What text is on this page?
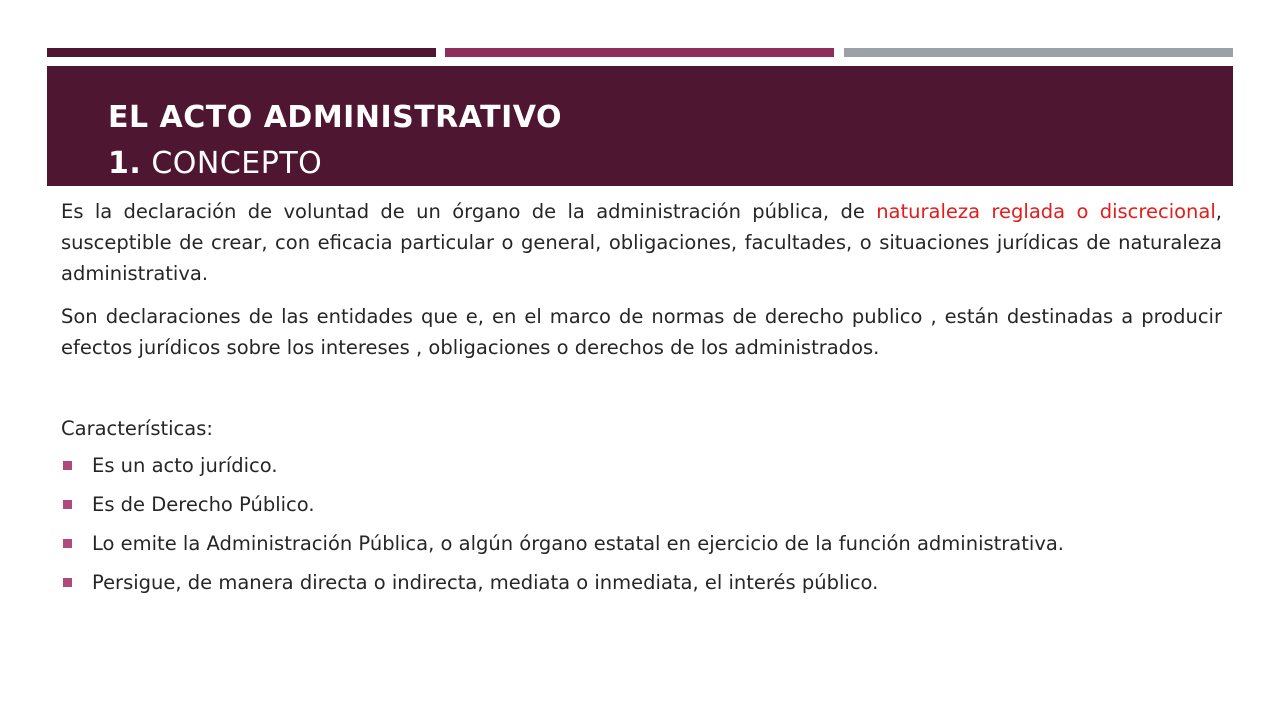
EL ACTO ADMINISTRATIVO
1. CONCEPTO

Es la declaración de voluntad de un órgano de la administración pública, de naturaleza reglada o discrecional, susceptible de crear, con eficacia particular o general, obligaciones, facultades, o situaciones jurídicas de naturaleza administrativa.

Son declaraciones de las entidades que e, en el marco de normas de derecho publico , están destinadas a producir efectos jurídicos sobre los intereses , obligaciones o derechos de los administrados.

Características:

Es un acto jurídico.
Es de Derecho Público.
Lo emite la Administración Pública, o algún órgano estatal en ejercicio de la función administrativa.
Persigue, de manera directa o indirecta, mediata o inmediata, el interés público.
